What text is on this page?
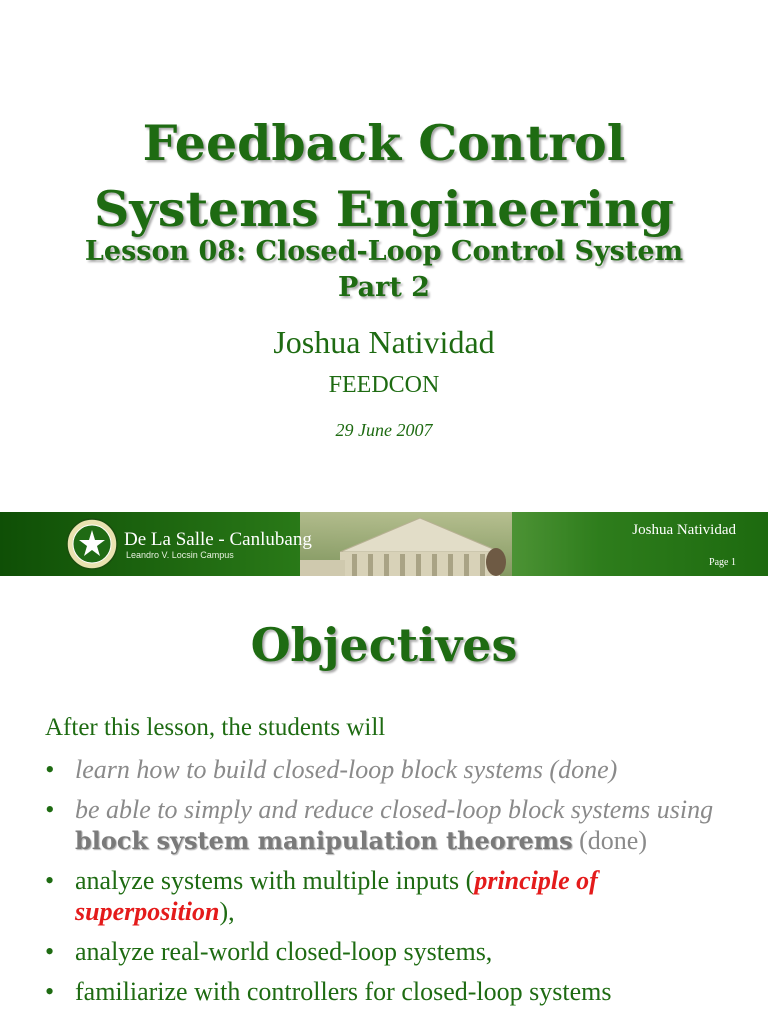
Feedback Control
Systems Engineering
Lesson 08: Closed-Loop Control System
Part 2
Joshua Natividad
FEEDCON
29 June 2007
De La Salle - Canlubang
Leandro V. Locsin Campus
Joshua Natividad
Page 1
Objectives
After this lesson, the students will
• learn how to build closed-loop block systems (done)
• be able to simply and reduce closed-loop block systems using block system manipulation theorems (done)
• analyze systems with multiple inputs (principle of superposition),
• analyze real-world closed-loop systems,
• familiarize with controllers for closed-loop systems
